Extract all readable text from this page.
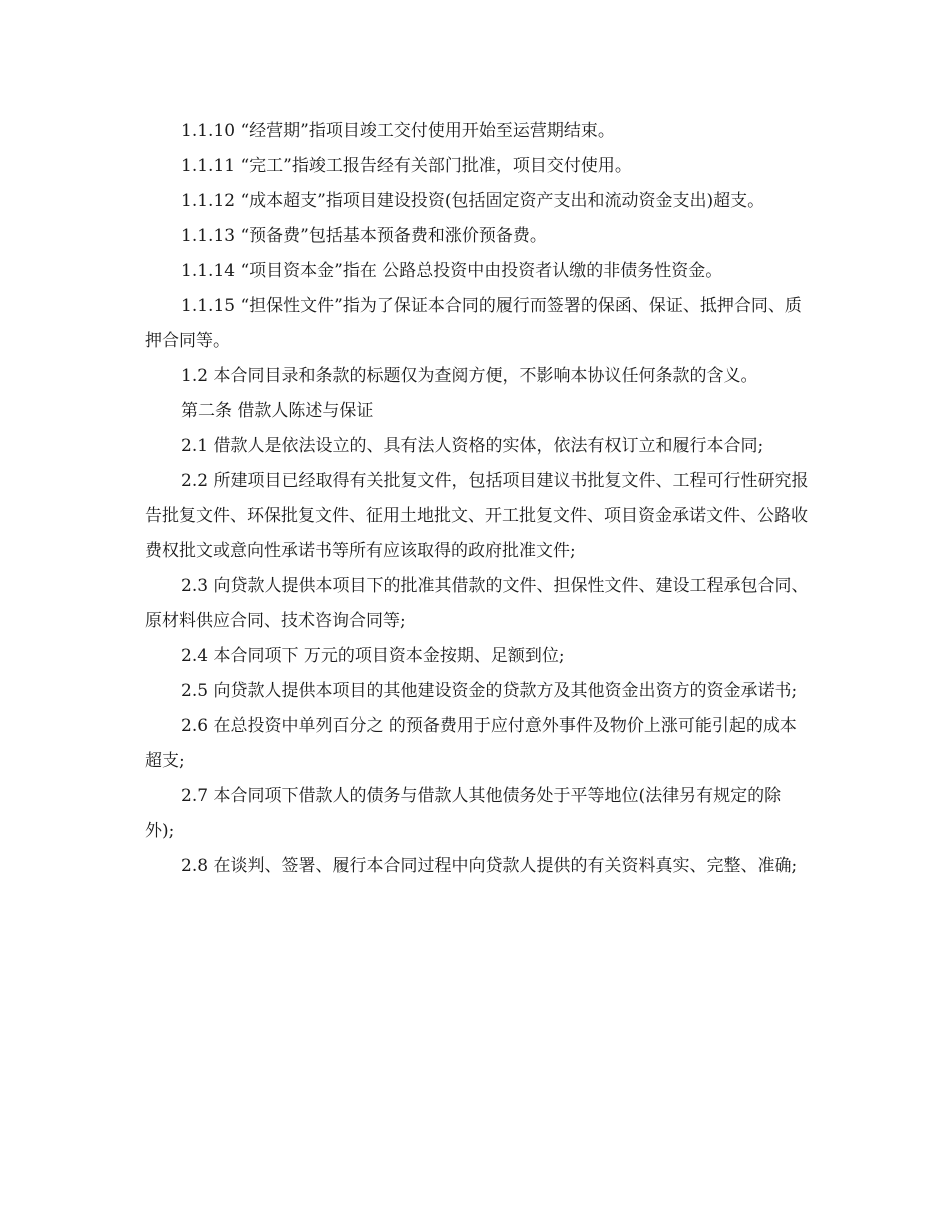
1.1.10 “经营期”指项目竣工交付使用开始至运营期结束。

1.1.11 “完工”指竣工报告经有关部门批准，项目交付使用。

1.1.12 “成本超支”指项目建设投资(包括固定资产支出和流动资金支出)超支。

1.1.13 “预备费”包括基本预备费和涨价预备费。

1.1.14 “项目资本金”指在 公路总投资中由投资者认缴的非债务性资金。

1.1.15 “担保性文件”指为了保证本合同的履行而签署的保函、保证、抵押合同、质押合同等。

1.2 本合同目录和条款的标题仅为查阅方便，不影响本协议任何条款的含义。

第二条 借款人陈述与保证

2.1 借款人是依法设立的、具有法人资格的实体，依法有权订立和履行本合同;

2.2 所建项目已经取得有关批复文件，包括项目建议书批复文件、工程可行性研究报告批复文件、环保批复文件、征用土地批文、开工批复文件、项目资金承诺文件、公路收费权批文或意向性承诺书等所有应该取得的政府批准文件;

2.3 向贷款人提供本项目下的批准其借款的文件、担保性文件、建设工程承包合同、原材料供应合同、技术咨询合同等;

2.4 本合同项下 万元的项目资本金按期、足额到位;

2.5 向贷款人提供本项目的其他建设资金的贷款方及其他资金出资方的资金承诺书;

2.6 在总投资中单列百分之 的预备费用于应付意外事件及物价上涨可能引起的成本超支;

2.7 本合同项下借款人的债务与借款人其他债务处于平等地位(法律另有规定的除外);

2.8 在谈判、签署、履行本合同过程中向贷款人提供的有关资料真实、完整、准确;
